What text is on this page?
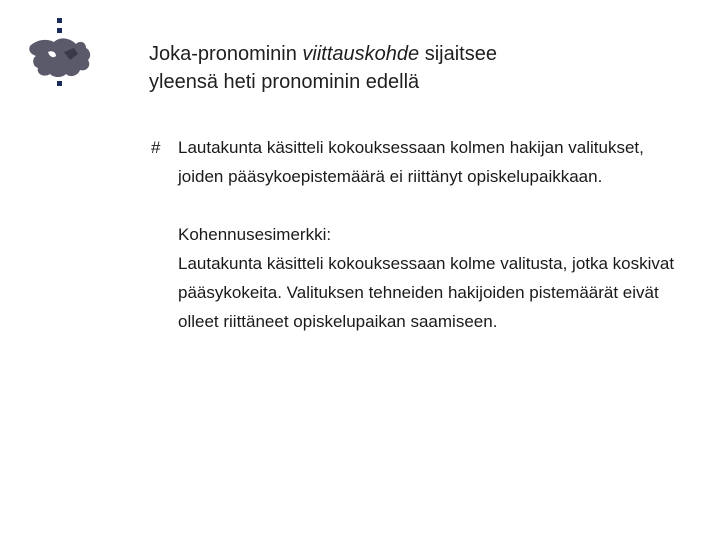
Joka-pronominin viittauskohde sijaitsee
yleensä heti pronominin edellä
#	Lautakunta käsitteli kokouksessaan kolmen hakijan valitukset, joiden pääsykoepistemäärä ei riittänyt opiskelupaikkaan.
Kohennusesimerkki:
Lautakunta käsitteli kokouksessaan kolme valitusta, jotka koskivat pääsykokeita. Valituksen tehneiden hakijoiden pistemäärät eivät olleet riittäneet opiskelupaikan saamiseen.
